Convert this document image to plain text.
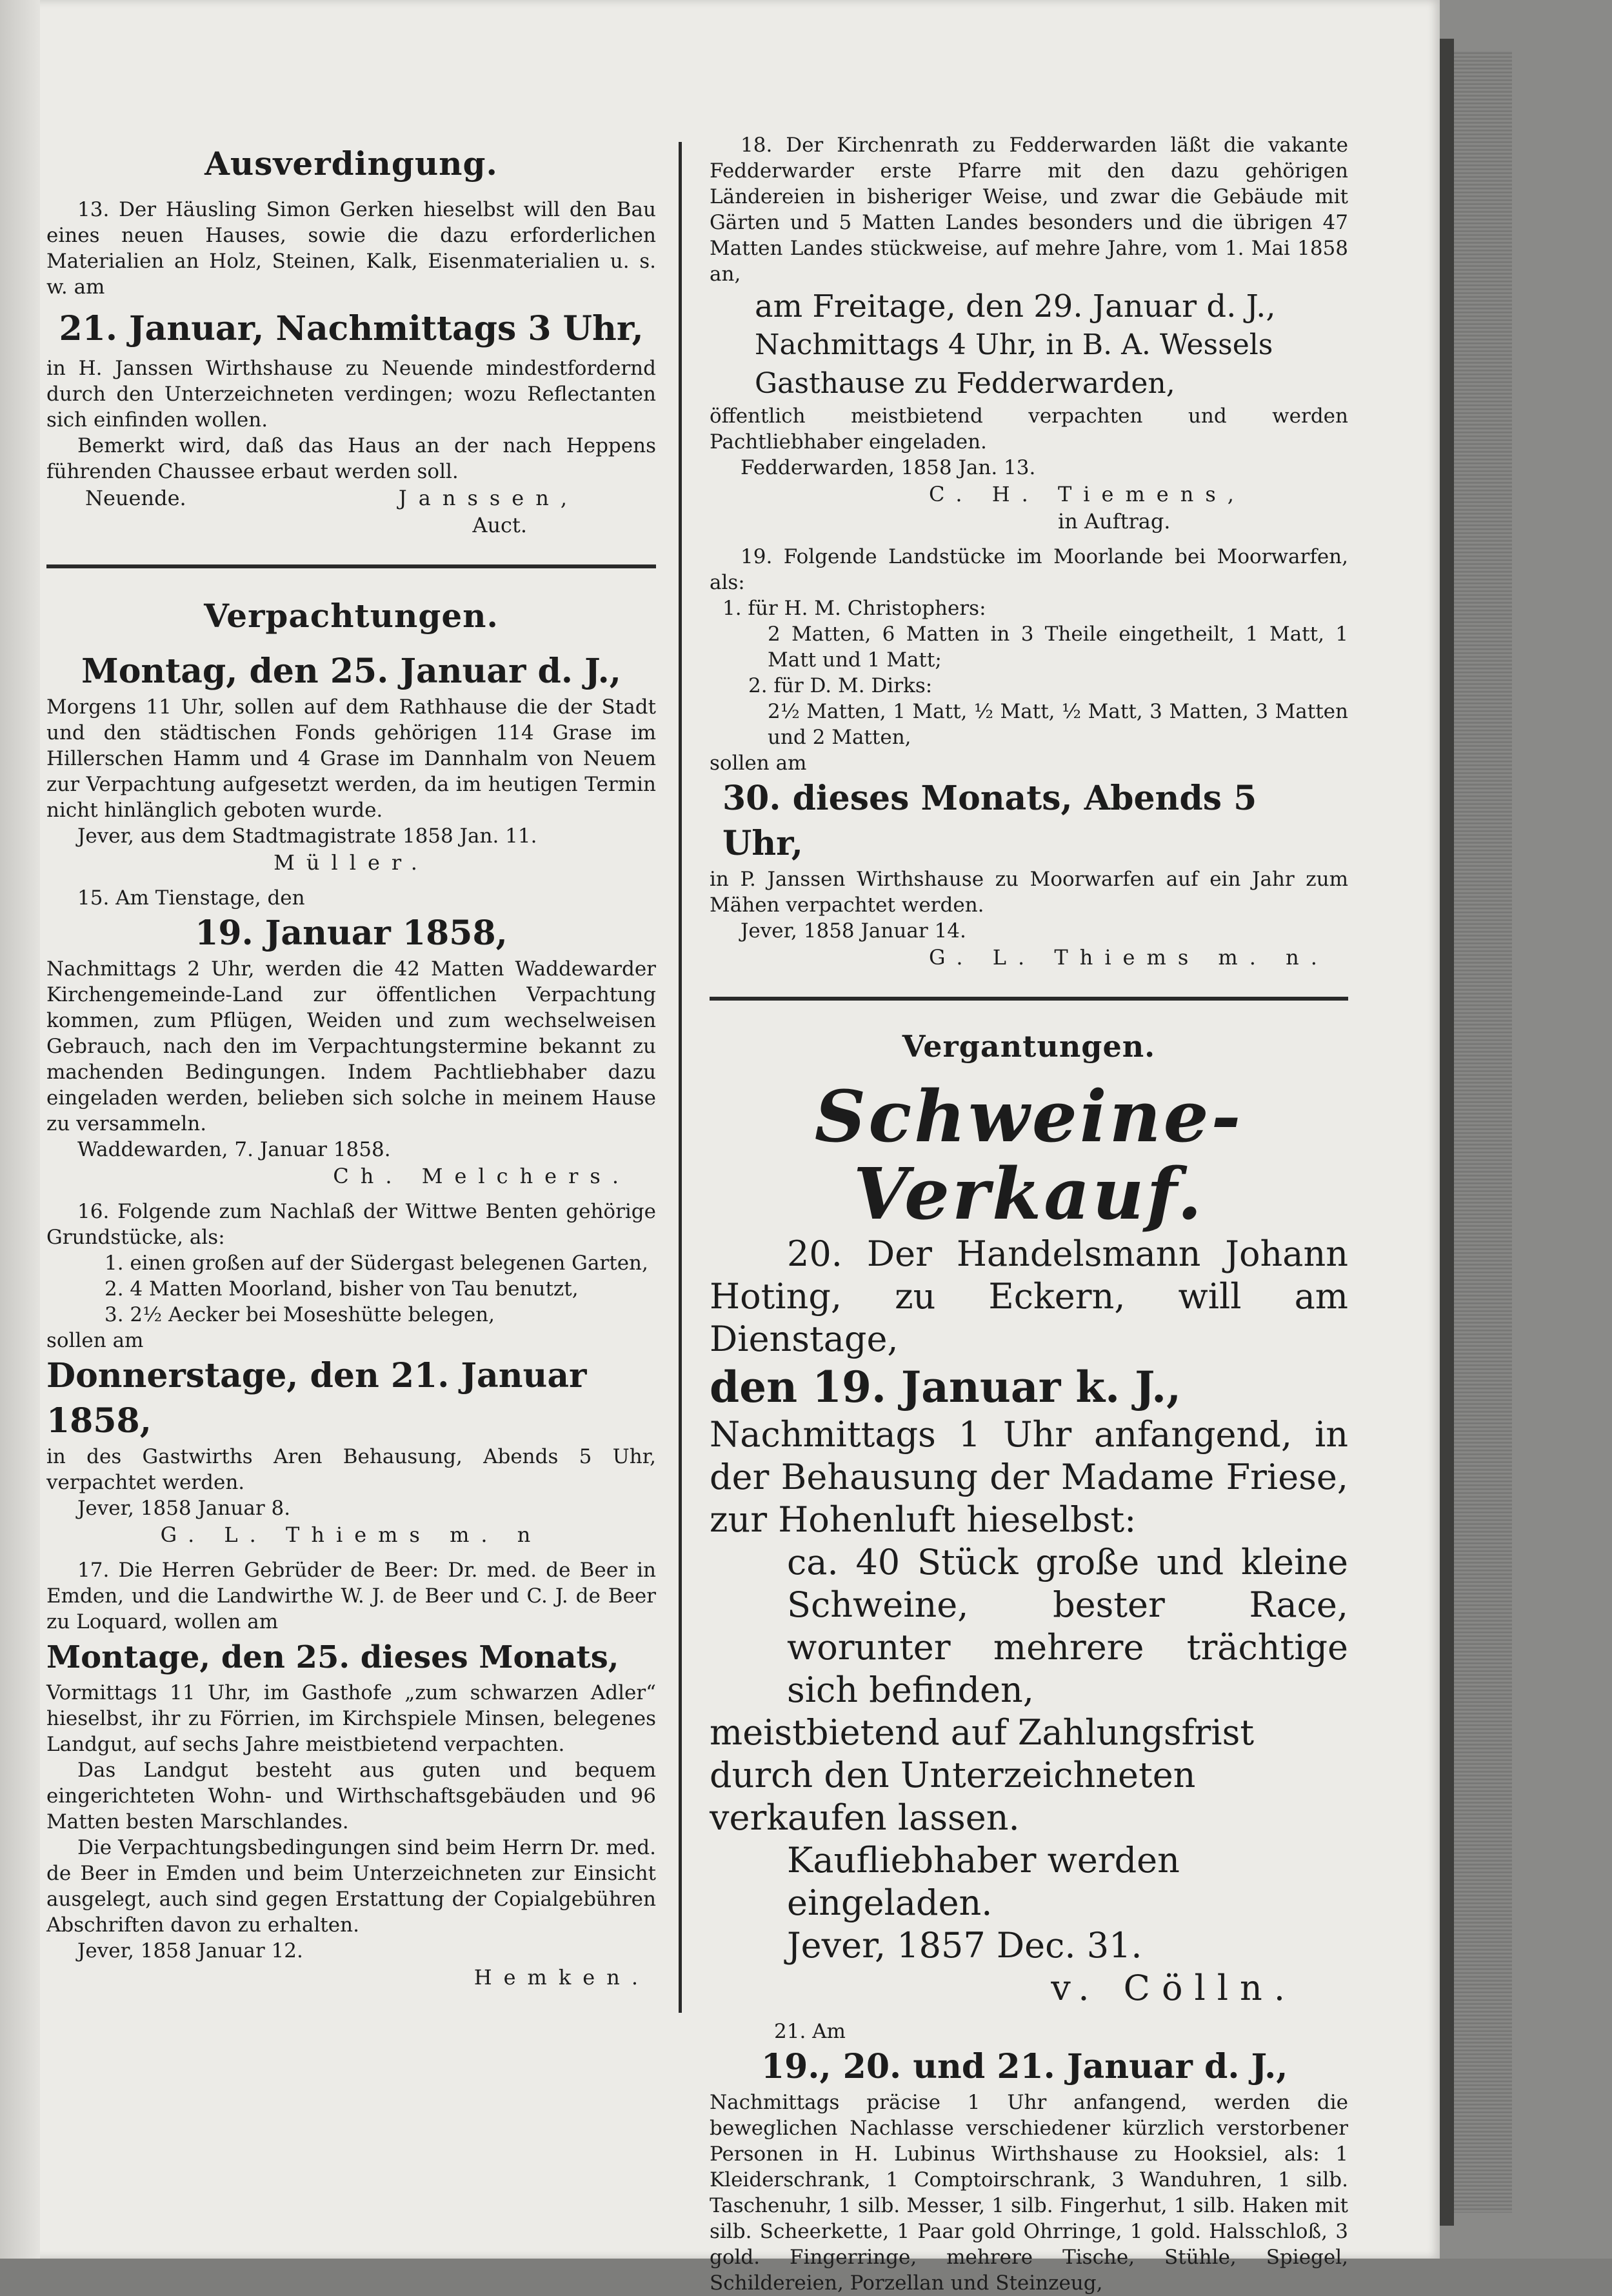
Ausverdingung.

13. Der Häusling Simon Gerken hieselbst will den Bau eines neuen Hauses, sowie die dazu erforderlichen Materialien an Holz, Steinen, Kalk, Eisenmaterialien u. s. w. am

21. Januar, Nachmittags 3 Uhr,

in H. Janssen Wirthshause zu Neuende mindestfordernd durch den Unterzeichneten verdingen; wozu Reflectanten sich einfinden wollen.

Bemerkt wird, daß das Haus an der nach Heppens führenden Chaussee erbaut werden soll.

Neuende.	Janssen,

Auct.

Verpachtungen.

Montag, den 25. Januar d. J.,

Morgens 11 Uhr, sollen auf dem Rathhause die der Stadt und den städtischen Fonds gehörigen 114 Grase im Hillerschen Hamm und 4 Grase im Dannhalm von Neuem zur Verpachtung aufgesetzt werden, da im heutigen Termin nicht hinlänglich geboten wurde.

Jever, aus dem Stadtmagistrate 1858 Jan. 11.

Müller.

15. Am Tienstage, den

19. Januar 1858,

Nachmittags 2 Uhr, werden die 42 Matten Waddewarder Kirchengemeinde-Land zur öffentlichen Verpachtung kommen, zum Pflügen, Weiden und zum wechselweisen Gebrauch, nach den im Verpachtungstermine bekannt zu machenden Bedingungen. Indem Pachtliebhaber dazu eingeladen werden, belieben sich solche in meinem Hause zu versammeln.

Waddewarden, 7. Januar 1858.

Ch. Melchers.

16. Folgende zum Nachlaß der Wittwe Benten gehörige Grundstücke, als:

1. einen großen auf der Südergast belegenen Garten,

2. 4 Matten Moorland, bisher von Tau benutzt,

3. 2½ Aecker bei Moseshütte belegen,

sollen am

Donnerstage, den 21. Januar 1858,

in des Gastwirths Aren Behausung, Abends 5 Uhr, verpachtet werden.

Jever, 1858 Januar 8.

G. L. Thiems m. n

17. Die Herren Gebrüder de Beer: Dr. med. de Beer in Emden, und die Landwirthe W. J. de Beer und C. J. de Beer zu Loquard, wollen am

Montage, den 25. dieses Monats,

Vormittags 11 Uhr, im Gasthofe „zum schwarzen Adler“ hieselbst, ihr zu Förrien, im Kirchspiele Minsen, belegenes Landgut, auf sechs Jahre meistbietend verpachten.

Das Landgut besteht aus guten und bequem eingerichteten Wohn- und Wirthschaftsgebäuden und 96 Matten besten Marschlandes.

Die Verpachtungsbedingungen sind beim Herrn Dr. med. de Beer in Emden und beim Unterzeichneten zur Einsicht ausgelegt, auch sind gegen Erstattung der Copialgebühren Abschriften davon zu erhalten.

Jever, 1858 Januar 12.

Hemken.

18. Der Kirchenrath zu Fedderwarden läßt die vakante Fedderwarder erste Pfarre mit den dazu gehörigen Ländereien in bisheriger Weise, und zwar die Gebäude mit Gärten und 5 Matten Landes besonders und die übrigen 47 Matten Landes stückweise, auf mehre Jahre, vom 1. Mai 1858 an,

am Freitage, den 29. Januar d. J.,

Nachmittags 4 Uhr, in B. A. Wessels Gasthause zu Fedderwarden,

öffentlich meistbietend verpachten und werden Pachtliebhaber eingeladen.

Fedderwarden, 1858 Jan. 13.

C. H. Tiemens,

in Auftrag.

19. Folgende Landstücke im Moorlande bei Moorwarfen, als:

1. für H. M. Christophers:

2 Matten, 6 Matten in 3 Theile eingetheilt, 1 Matt, 1 Matt und 1 Matt;

2. für D. M. Dirks:

2½ Matten, 1 Matt, ½ Matt, ½ Matt, 3 Matten, 3 Matten und 2 Matten,

sollen am

30. dieses Monats, Abends 5 Uhr,

in P. Janssen Wirthshause zu Moorwarfen auf ein Jahr zum Mähen verpachtet werden.

Jever, 1858 Januar 14.

G. L. Thiems m. n.

Vergantungen.

Schweine-Verkauf.

20. Der Handelsmann Johann Hoting, zu Eckern, will am Dienstage,

den 19. Januar k. J.,

Nachmittags 1 Uhr anfangend, in der Behausung der Madame Friese, zur Hohenluft hieselbst:

ca. 40 Stück große und kleine Schweine, bester Race, worunter mehrere trächtige sich befinden,

meistbietend auf Zahlungsfrist durch den Unterzeichneten verkaufen lassen.

Kaufliebhaber werden eingeladen.

Jever, 1857 Dec. 31.

v. Cölln.

21. Am

19., 20. und 21. Januar d. J.,

Nachmittags präcise 1 Uhr anfangend, werden die beweglichen Nachlasse verschiedener kürzlich verstorbener Personen in H. Lubinus Wirthshause zu Hooksiel, als: 1 Kleiderschrank, 1 Comptoirschrank, 3 Wanduhren, 1 silb. Taschenuhr, 1 silb. Messer, 1 silb. Fingerhut, 1 silb. Haken mit silb. Scheerkette, 1 Paar gold Ohrringe, 1 gold. Halsschloß, 3 gold. Fingerringe, mehrere Tische, Stühle, Spiegel, Schildereien, Porzellan und Steinzeug,
